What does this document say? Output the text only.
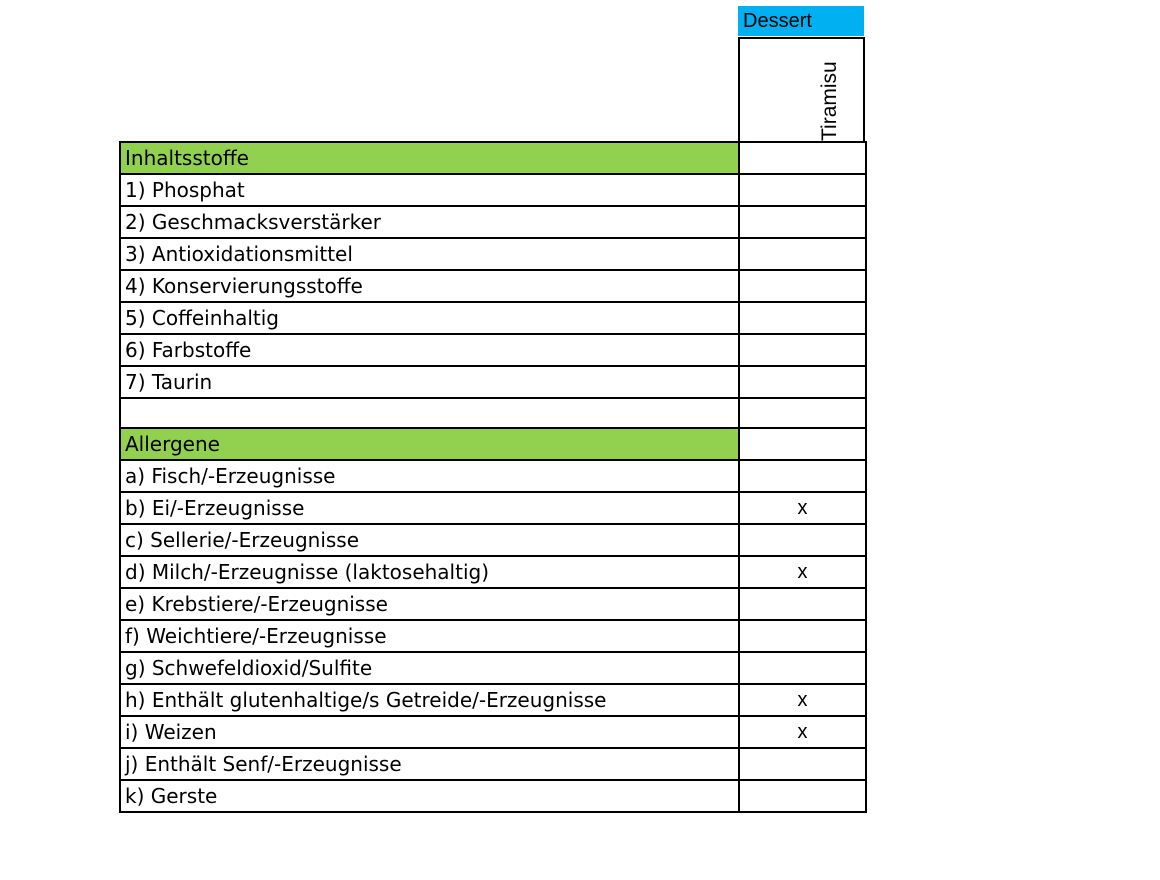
Dessert
Tiramisu
Inhaltsstoffe	
1) Phosphat	
2) Geschmacksverstärker	
3) Antioxidationsmittel	
4) Konservierungsstoffe	
5) Coffeinhaltig	
6) Farbstoffe	
7) Taurin	

Allergene	
a) Fisch/-Erzeugnisse	
b) Ei/-Erzeugnisse	x
c) Sellerie/-Erzeugnisse	
d) Milch/-Erzeugnisse (laktosehaltig)	x
e) Krebstiere/-Erzeugnisse	
f) Weichtiere/-Erzeugnisse	
g) Schwefeldioxid/Sulfite	
h) Enthält glutenhaltige/s Getreide/-Erzeugnisse	x
i) Weizen	x
j) Enthält Senf/-Erzeugnisse	
k) Gerste	
